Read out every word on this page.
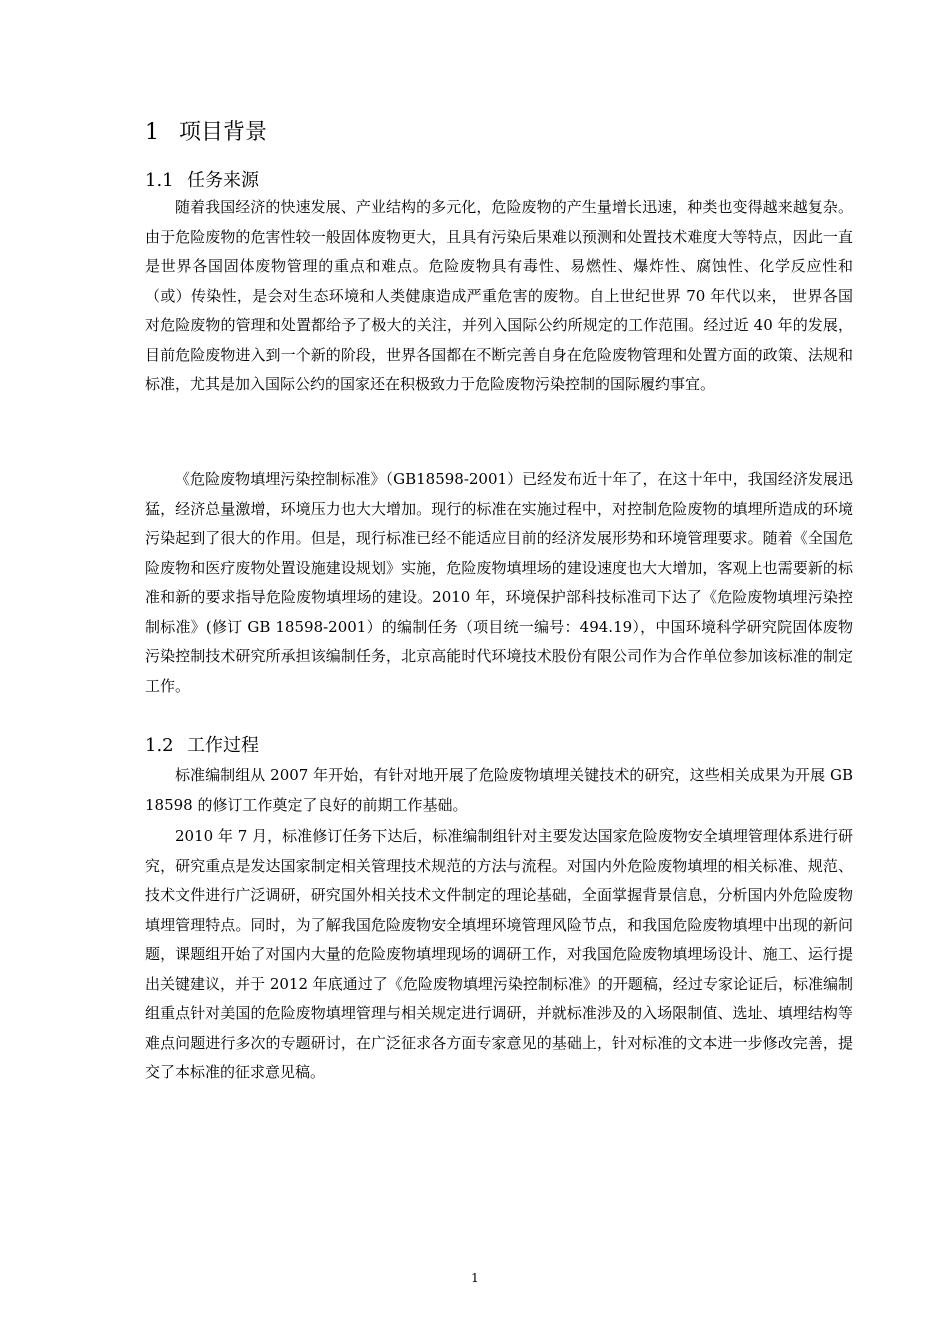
1 项目背景
1.1 任务来源

随着我国经济的快速发展、产业结构的多元化，危险废物的产生量增长迅速，种类也变得越来越复杂。由于危险废物的危害性较一般固体废物更大，且具有污染后果难以预测和处置技术难度大等特点，因此一直是世界各国固体废物管理的重点和难点。危险废物具有毒性、易燃性、爆炸性、腐蚀性、化学反应性和（或）传染性，是会对生态环境和人类健康造成严重危害的废物。自上世纪世界 70 年代以来， 世界各国对危险废物的管理和处置都给予了极大的关注，并列入国际公约所规定的工作范围。经过近 40 年的发展，目前危险废物进入到一个新的阶段，世界各国都在不断完善自身在危险废物管理和处置方面的政策、法规和标准，尤其是加入国际公约的国家还在积极致力于危险废物污染控制的国际履约事宜。

《危险废物填埋污染控制标准》（GB18598-2001）已经发布近十年了，在这十年中，我国经济发展迅猛，经济总量激增，环境压力也大大增加。现行的标准在实施过程中，对控制危险废物的填埋所造成的环境污染起到了很大的作用。但是，现行标准已经不能适应目前的经济发展形势和环境管理要求。随着《全国危险废物和医疗废物处置设施建设规划》实施，危险废物填埋场的建设速度也大大增加，客观上也需要新的标准和新的要求指导危险废物填埋场的建设。2010 年，环境保护部科技标准司下达了《危险废物填埋污染控制标准》(修订 GB 18598-2001）的编制任务（项目统一编号：494.19），中国环境科学研究院固体废物污染控制技术研究所承担该编制任务，北京高能时代环境技术股份有限公司作为合作单位参加该标准的制定工作。

1.2 工作过程

标准编制组从 2007 年开始，有针对地开展了危险废物填埋关键技术的研究，这些相关成果为开展 GB 18598 的修订工作奠定了良好的前期工作基础。

2010 年 7 月，标准修订任务下达后，标准编制组针对主要发达国家危险废物安全填埋管理体系进行研究，研究重点是发达国家制定相关管理技术规范的方法与流程。对国内外危险废物填埋的相关标准、规范、技术文件进行广泛调研，研究国外相关技术文件制定的理论基础，全面掌握背景信息，分析国内外危险废物填埋管理特点。同时，为了解我国危险废物安全填埋环境管理风险节点，和我国危险废物填埋中出现的新问题，课题组开始了对国内大量的危险废物填埋现场的调研工作，对我国危险废物填埋场设计、施工、运行提出关键建议，并于 2012 年底通过了《危险废物填埋污染控制标准》的开题稿，经过专家论证后，标准编制组重点针对美国的危险废物填埋管理与相关规定进行调研，并就标准涉及的入场限制值、选址、填埋结构等难点问题进行多次的专题研讨，在广泛征求各方面专家意见的基础上，针对标准的文本进一步修改完善，提交了本标准的征求意见稿。

1
